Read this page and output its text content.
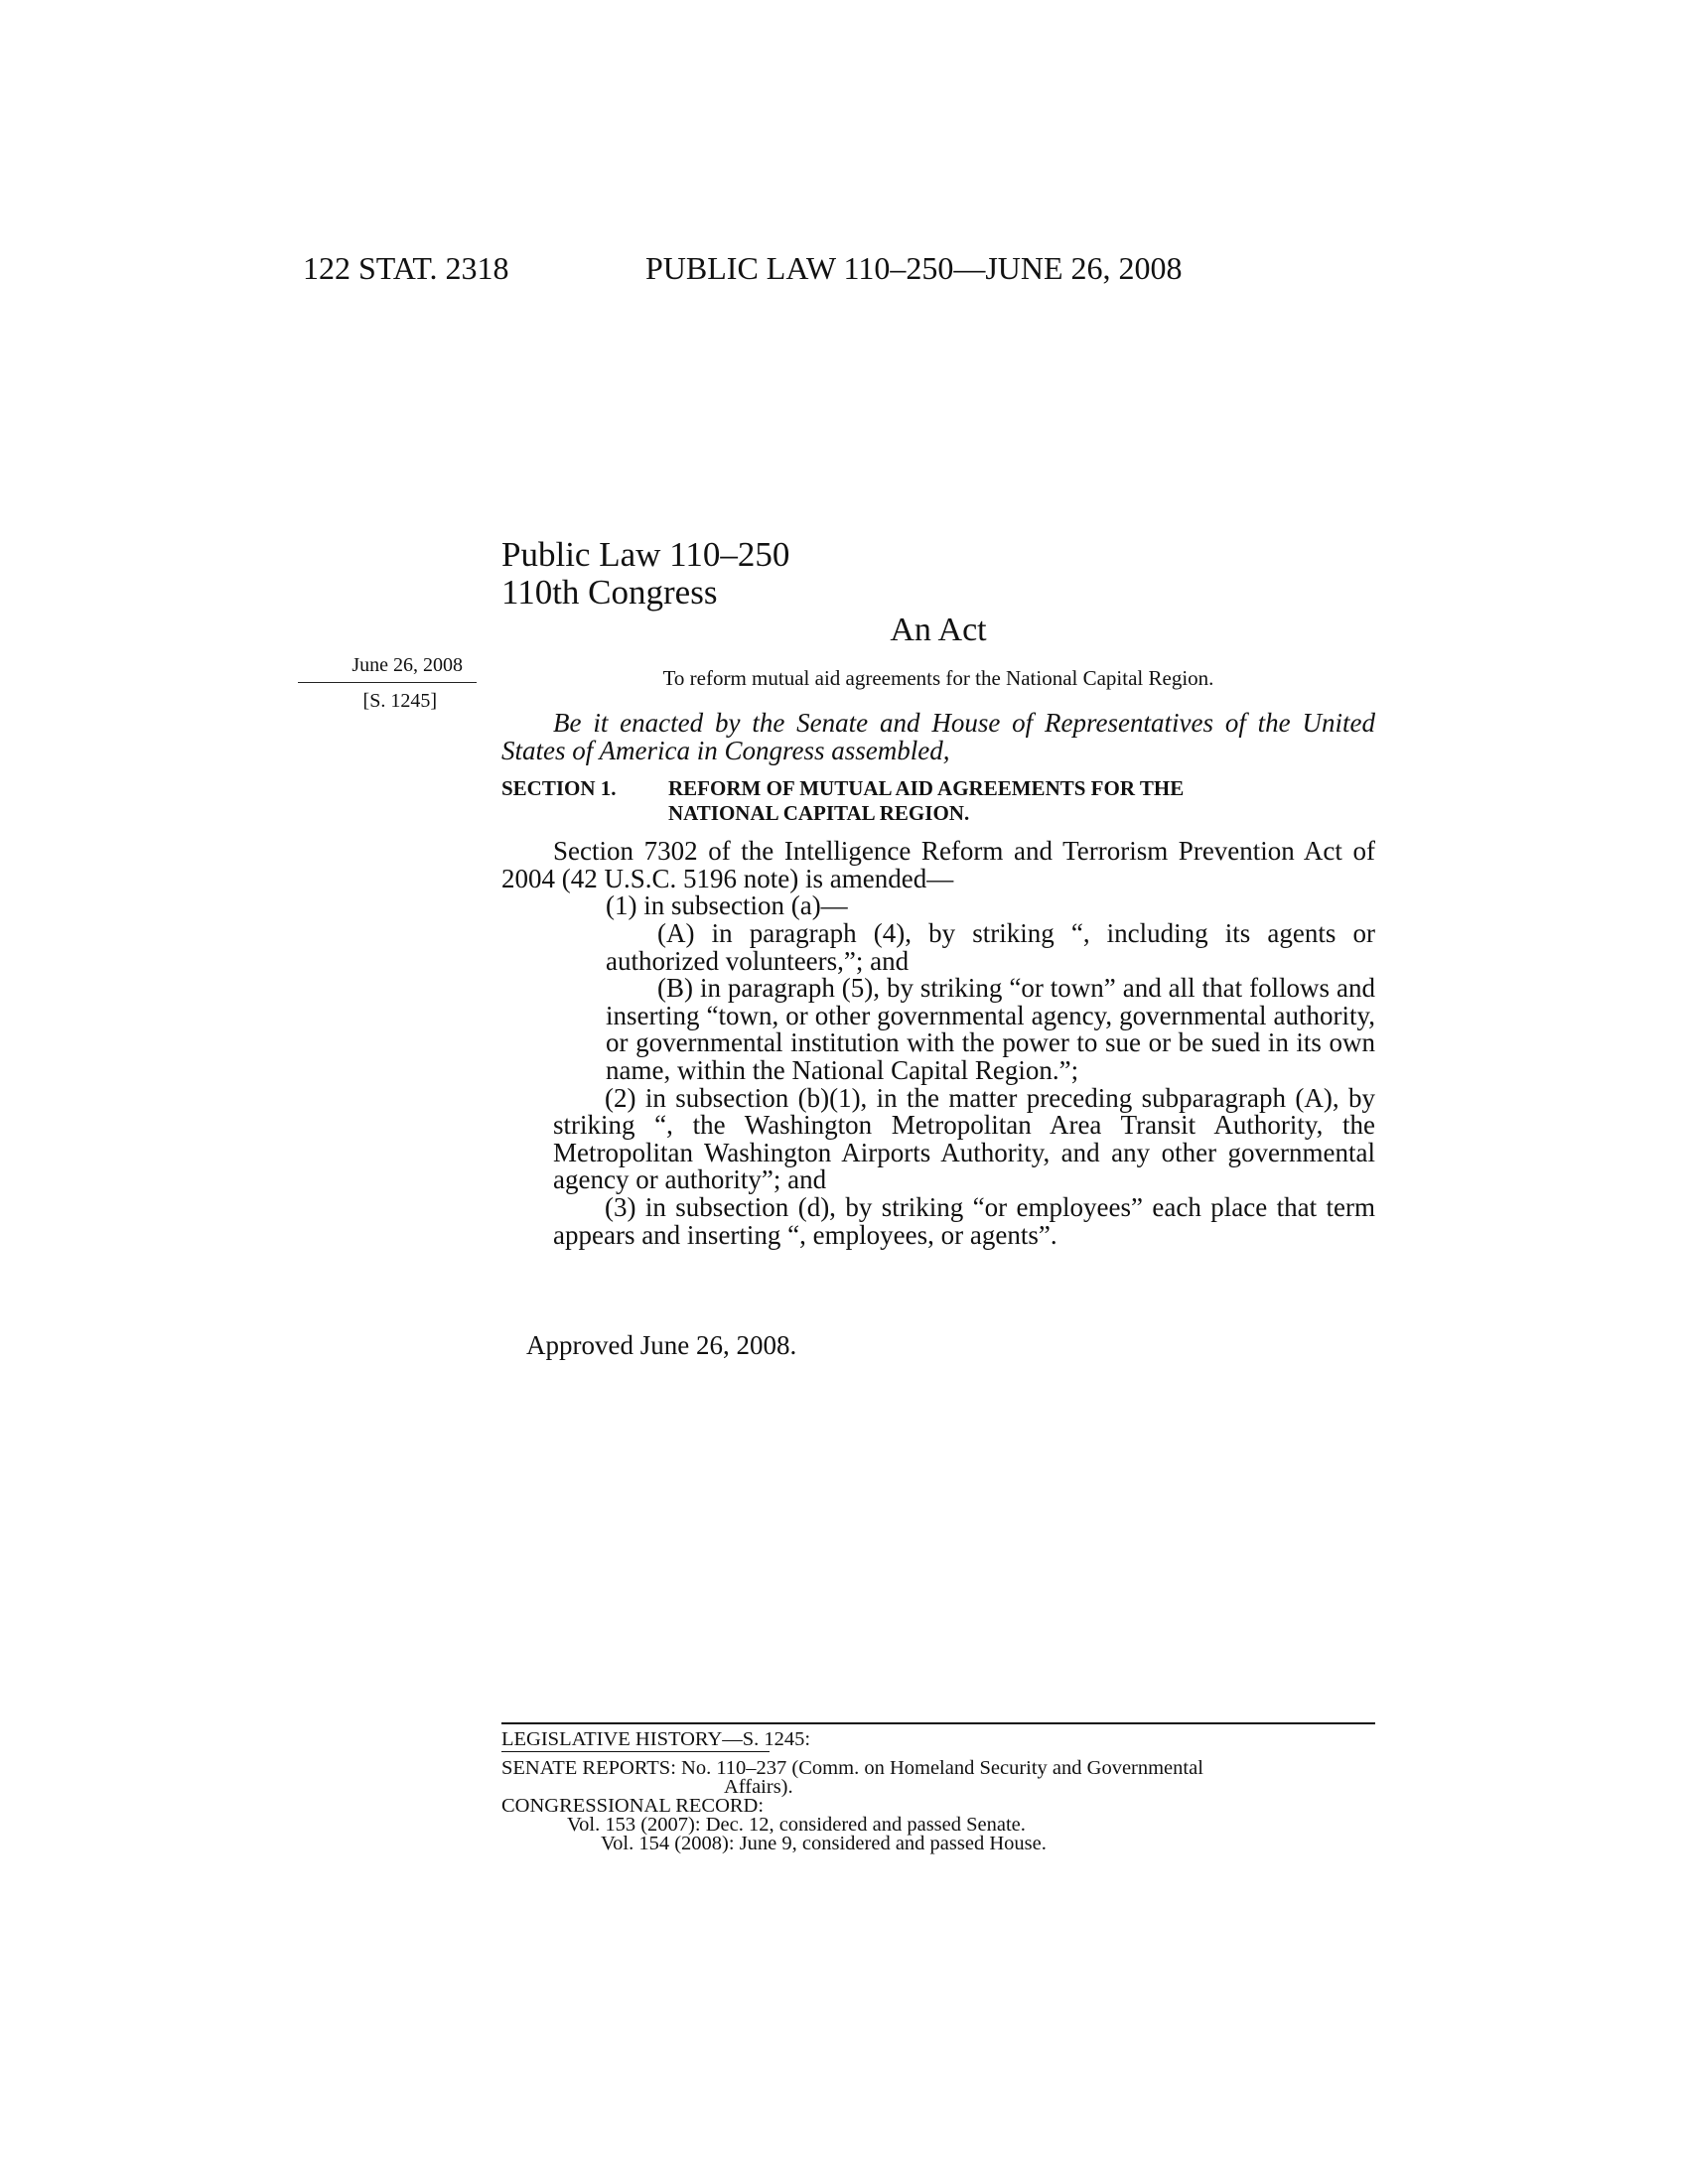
122 STAT. 2318	PUBLIC LAW 110–250—JUNE 26, 2008
Public Law 110–250
110th Congress
An Act
June 26, 2008
[S. 1245]
To reform mutual aid agreements for the National Capital Region.

Be it enacted by the Senate and House of Representatives of the United States of America in Congress assembled,

SECTION 1. REFORM OF MUTUAL AID AGREEMENTS FOR THE
NATIONAL CAPITAL REGION.

Section 7302 of the Intelligence Reform and Terrorism Prevention Act of 2004 (42 U.S.C. 5196 note) is amended—

(1) in subsection (a)—

(A) in paragraph (4), by striking “, including its agents or authorized volunteers,”; and

(B) in paragraph (5), by striking “or town” and all that follows and inserting “town, or other governmental agency, governmental authority, or governmental institution with the power to sue or be sued in its own name, within the National Capital Region.”;

(2) in subsection (b)(1), in the matter preceding subparagraph (A), by striking “, the Washington Metropolitan Area Transit Authority, the Metropolitan Washington Airports Authority, and any other governmental agency or authority”; and

(3) in subsection (d), by striking “or employees” each place that term appears and inserting “, employees, or agents”.

Approved June 26, 2008.
LEGISLATIVE HISTORY—S. 1245:

SENATE REPORTS: No. 110–237 (Comm. on Homeland Security and Governmental

Affairs).

CONGRESSIONAL RECORD:

Vol. 153 (2007): Dec. 12, considered and passed Senate.

Vol. 154 (2008): June 9, considered and passed House.
